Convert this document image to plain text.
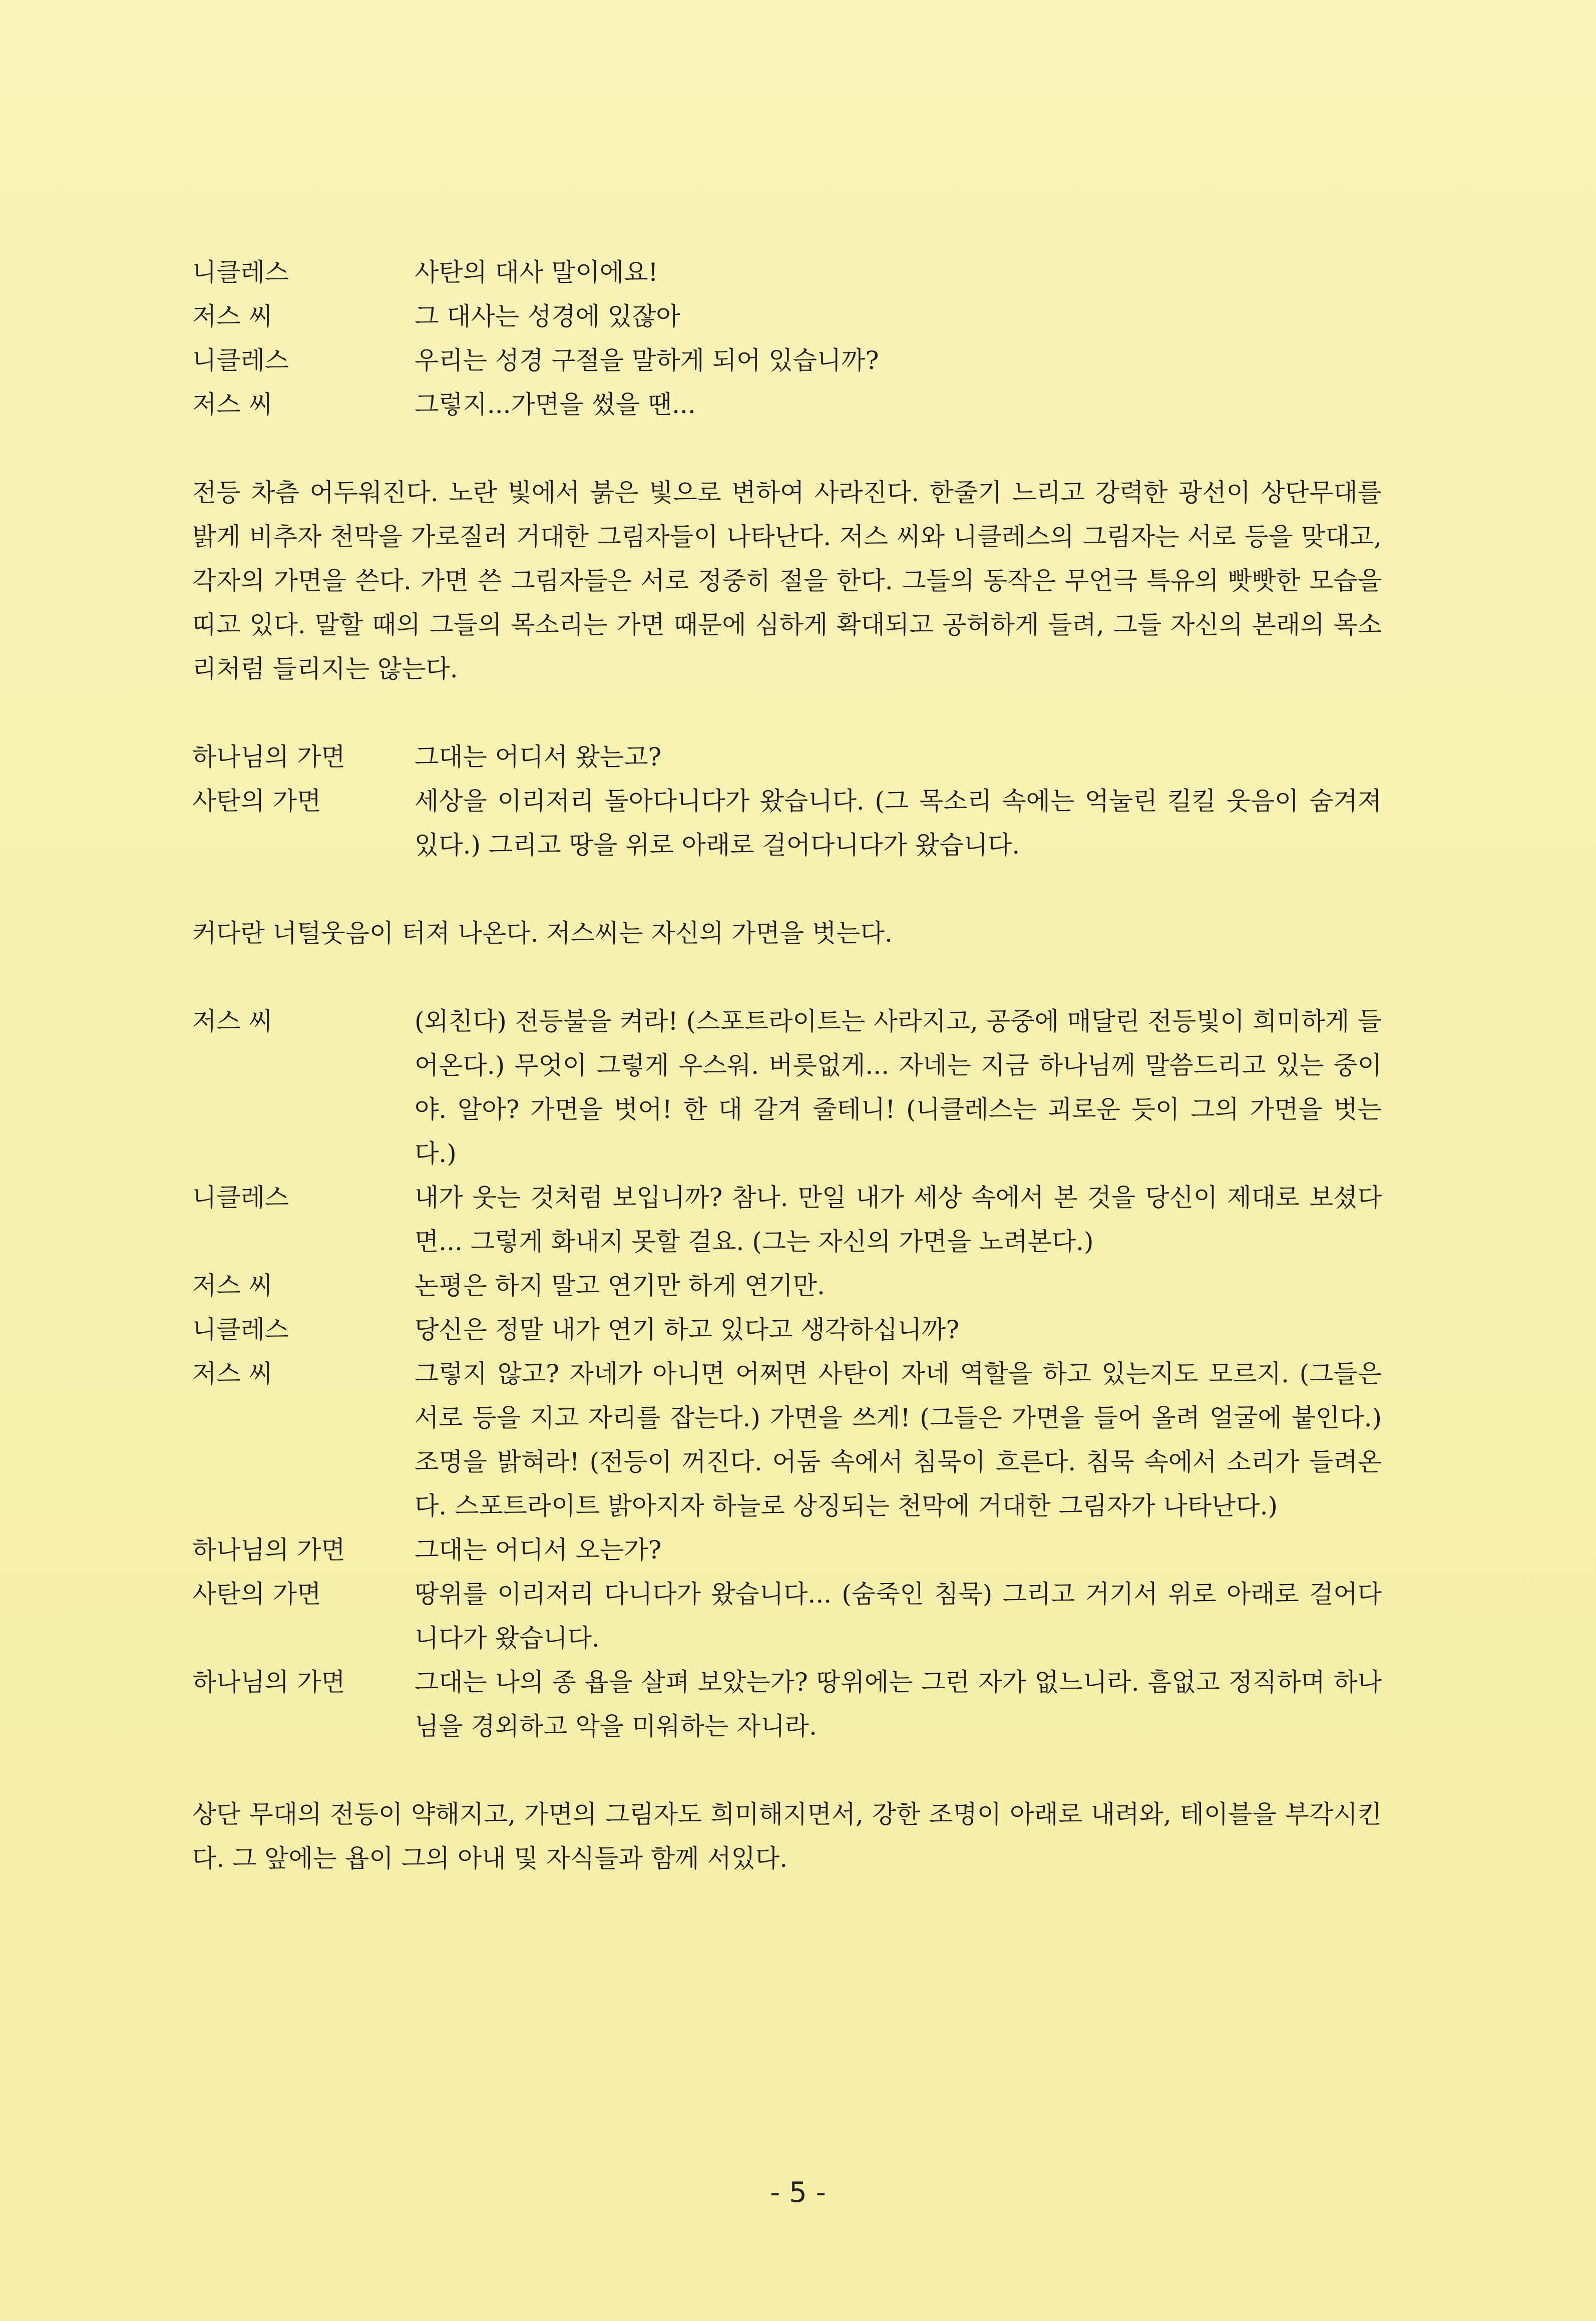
니클레스	사탄의 대사 말이에요!
저스 씨	그 대사는 성경에 있잖아
니클레스	우리는 성경 구절을 말하게 되어 있습니까?
저스 씨	그렇지...가면을 썼을 땐...

전등 차츰 어두워진다. 노란 빛에서 붉은 빛으로 변하여 사라진다. 한줄기 느리고 강력한 광선이 상단무대를 밝게 비추자 천막을 가로질러 거대한 그림자들이 나타난다. 저스 씨와 니클레스의 그림자는 서로 등을 맞대고, 각자의 가면을 쓴다. 가면 쓴 그림자들은 서로 정중히 절을 한다. 그들의 동작은 무언극 특유의 빳빳한 모습을 띠고 있다. 말할 때의 그들의 목소리는 가면 때문에 심하게 확대되고 공허하게 들려, 그들 자신의 본래의 목소리처럼 들리지는 않는다.

하나님의 가면	그대는 어디서 왔는고?
사탄의 가면	세상을 이리저리 돌아다니다가 왔습니다. (그 목소리 속에는 억눌린 킬킬 웃음이 숨겨져 있다.) 그리고 땅을 위로 아래로 걸어다니다가 왔습니다.

커다란 너털웃음이 터져 나온다. 저스씨는 자신의 가면을 벗는다.

저스 씨	(외친다) 전등불을 켜라! (스포트라이트는 사라지고, 공중에 매달린 전등빛이 희미하게 들어온다.) 무엇이 그렇게 우스워. 버릇없게... 자네는 지금 하나님께 말씀드리고 있는 중이야. 알아? 가면을 벗어! 한 대 갈겨 줄테니! (니클레스는 괴로운 듯이 그의 가면을 벗는다.)
니클레스	내가 웃는 것처럼 보입니까? 참나. 만일 내가 세상 속에서 본 것을 당신이 제대로 보셨다면... 그렇게 화내지 못할 걸요. (그는 자신의 가면을 노려본다.)
저스 씨	논평은 하지 말고 연기만 하게 연기만.
니클레스	당신은 정말 내가 연기 하고 있다고 생각하십니까?
저스 씨	그렇지 않고? 자네가 아니면 어쩌면 사탄이 자네 역할을 하고 있는지도 모르지. (그들은 서로 등을 지고 자리를 잡는다.) 가면을 쓰게! (그들은 가면을 들어 올려 얼굴에 붙인다.) 조명을 밝혀라! (전등이 꺼진다. 어둠 속에서 침묵이 흐른다. 침묵 속에서 소리가 들려온다. 스포트라이트 밝아지자 하늘로 상징되는 천막에 거대한 그림자가 나타난다.)
하나님의 가면	그대는 어디서 오는가?
사탄의 가면	땅위를 이리저리 다니다가 왔습니다... (숨죽인 침묵) 그리고 거기서 위로 아래로 걸어다니다가 왔습니다.
하나님의 가면	그대는 나의 종 욥을 살펴 보았는가? 땅위에는 그런 자가 없느니라. 흠없고 정직하며 하나님을 경외하고 악을 미워하는 자니라.

상단 무대의 전등이 약해지고, 가면의 그림자도 희미해지면서, 강한 조명이 아래로 내려와, 테이블을 부각시킨다. 그 앞에는 욥이 그의 아내 및 자식들과 함께 서있다.

- 5 -
